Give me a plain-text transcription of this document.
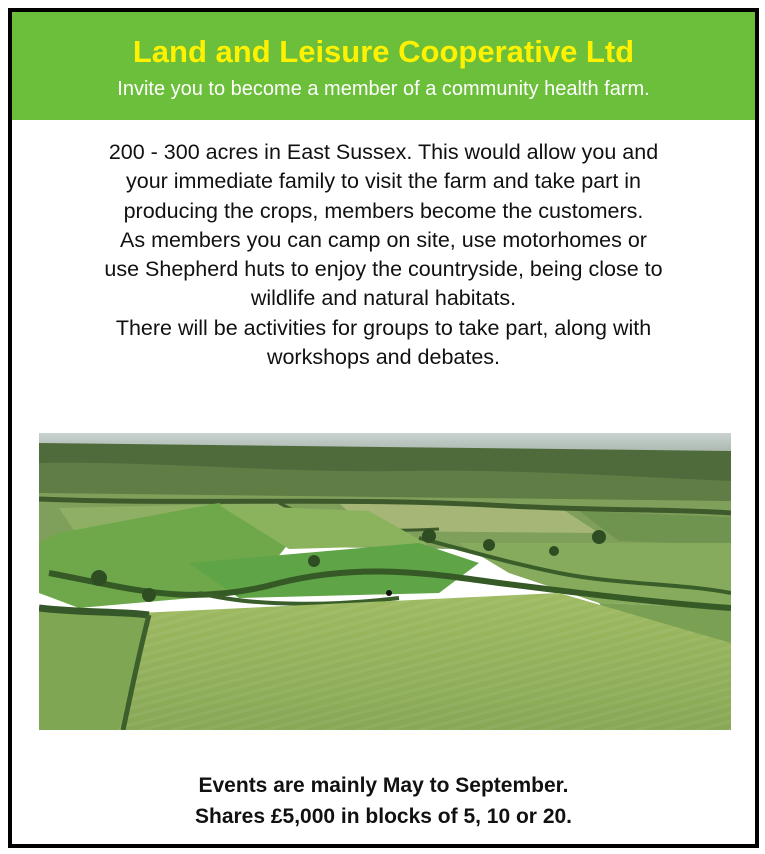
Land and Leisure Cooperative Ltd
Invite you to become a member of a community health farm.
200 - 300 acres in East Sussex. This would allow you and
your immediate family to visit the farm and take part in
producing the crops, members become the customers.
As members you can camp on site, use motorhomes or
use Shepherd huts to enjoy the countryside, being close to
wildlife and natural habitats.
There will be activities for groups to take part, along with
workshops and debates.
Events are mainly May to September.
Shares £5,000 in blocks of 5, 10 or 20.
